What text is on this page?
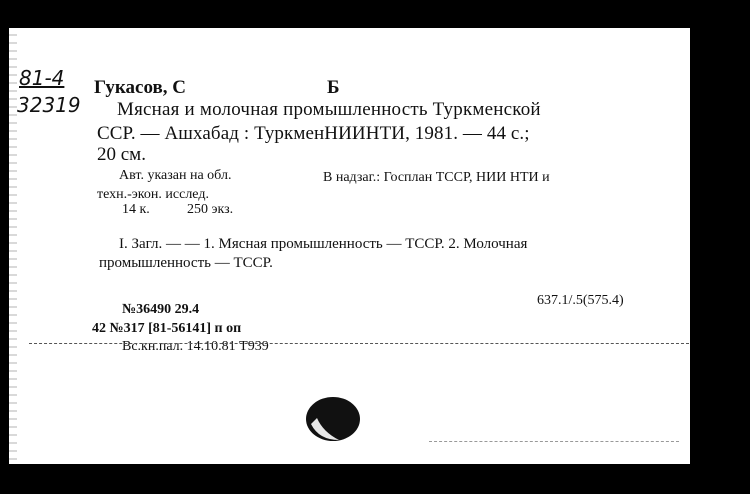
81-4
32319
Гукасов, С	Б
Мясная и молочная промышленность Туркменской
ССР. — Ашхабад : ТуркменНИИНТИ, 1981. — 44 с.;
20 см.
Авт. указан на обл.	В надзаг.: Госплан ТССР, НИИ НТИ и
техн.-экон. исслед.
14 к.	250 экз.
I. Загл. — — 1. Мясная промышленность — ТССР. 2. Молочная
промышленность — ТССР.
637.1/.5(575.4)
№36490 29.4
42 №317 [81-56141] п оп
Вс.кн.пал. 14.10.81 Т939
